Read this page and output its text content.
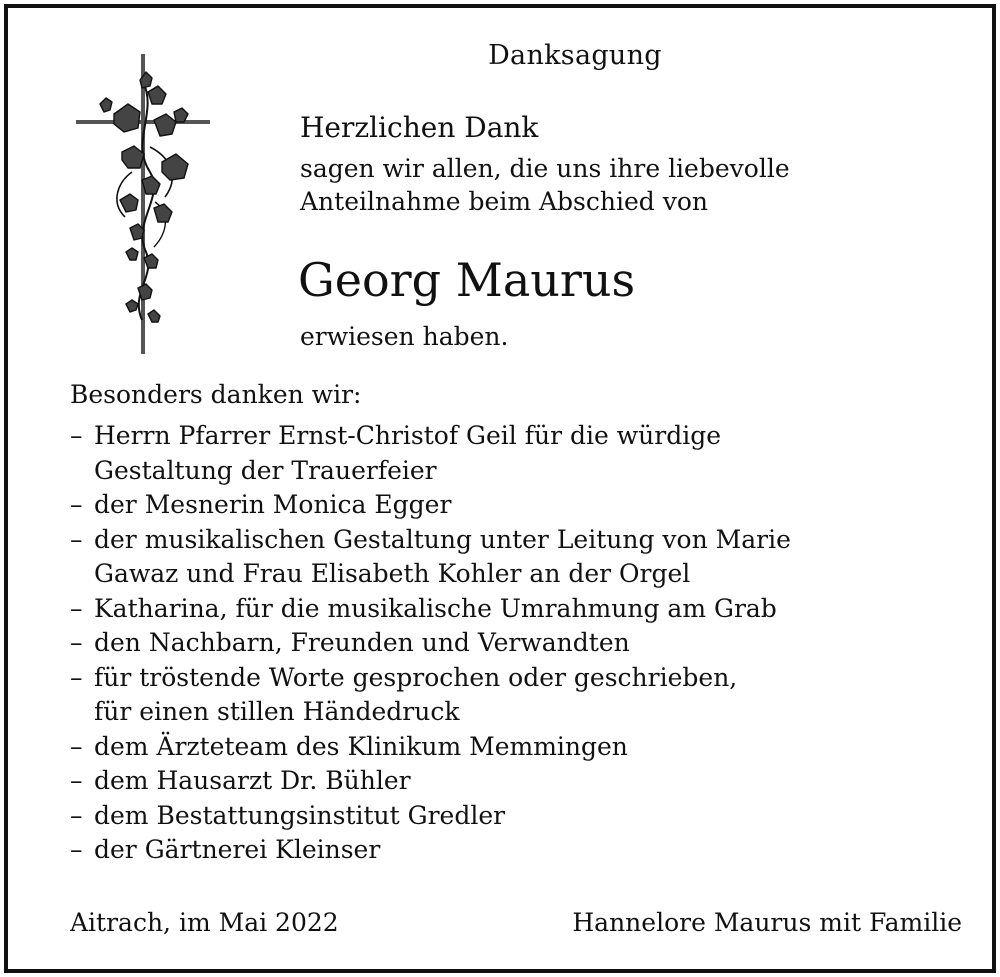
Danksagung

Herzlichen Dank

sagen wir allen, die uns ihre liebevolle

Anteilnahme beim Abschied von

Georg Maurus

erwiesen haben.

Besonders danken wir:

– Herrn Pfarrer Ernst-Christof Geil für die würdige
Gestaltung der Trauerfeier
– der Mesnerin Monica Egger
– der musikalischen Gestaltung unter Leitung von Marie
Gawaz und Frau Elisabeth Kohler an der Orgel
– Katharina, für die musikalische Umrahmung am Grab
– den Nachbarn, Freunden und Verwandten
– für tröstende Worte gesprochen oder geschrieben,
für einen stillen Händedruck
– dem Ärzteteam des Klinikum Memmingen
– dem Hausarzt Dr. Bühler
– dem Bestattungsinstitut Gredler
– der Gärtnerei Kleinser

Aitrach, im Mai 2022	Hannelore Maurus mit Familie
